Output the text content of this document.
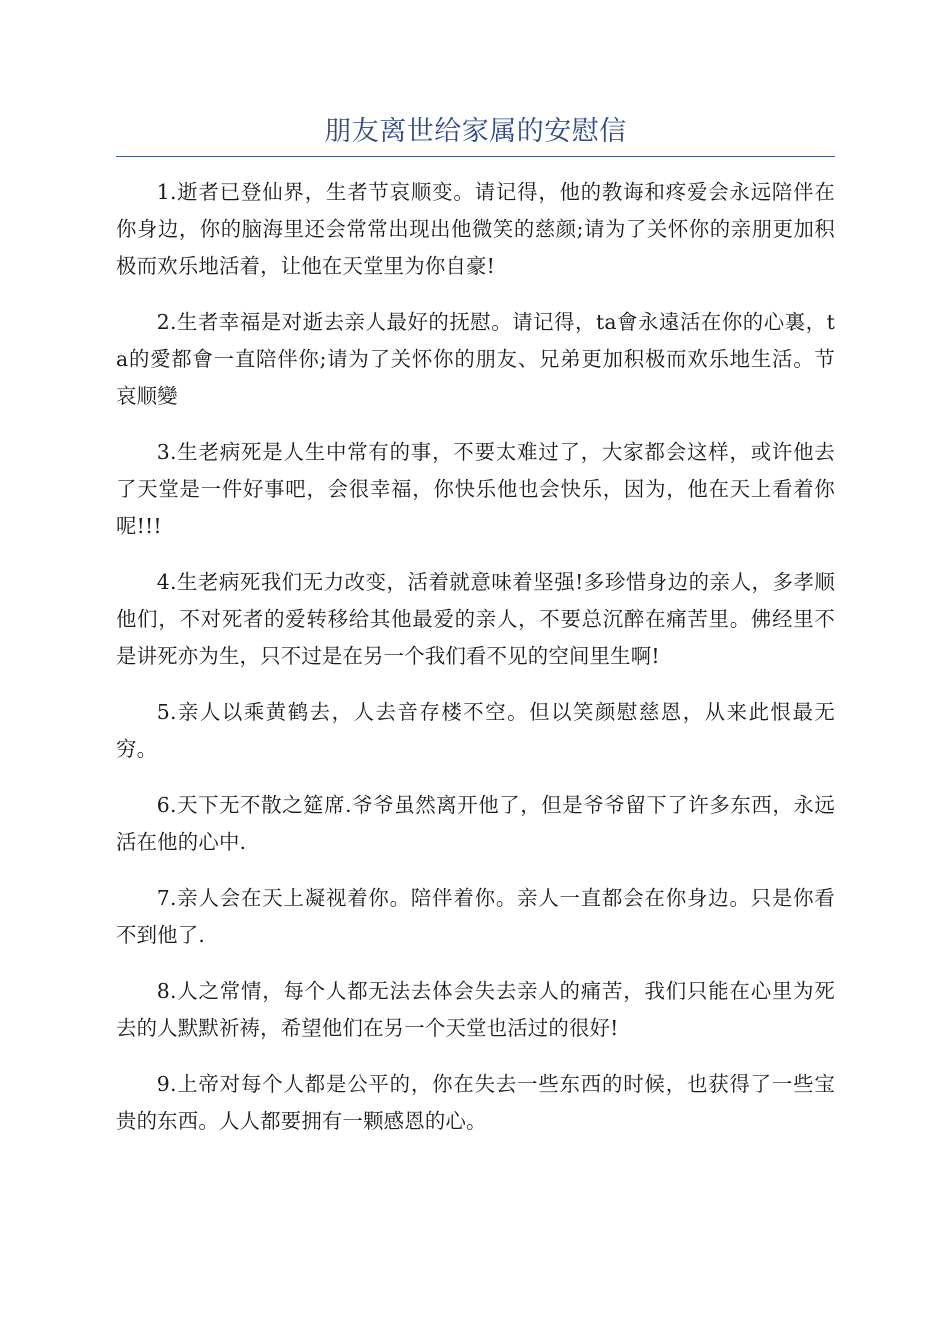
朋友离世给家属的安慰信

1.逝者已登仙界，生者节哀顺变。请记得，他的教诲和疼爱会永远陪伴在你身边，你的脑海里还会常常出现出他微笑的慈颜;请为了关怀你的亲朋更加积极而欢乐地活着，让他在天堂里为你自豪!

2.生者幸福是对逝去亲人最好的抚慰。请记得，ta會永遠活在你的心裏，ta的愛都會一直陪伴你;请为了关怀你的朋友、兄弟更加积极而欢乐地生活。节哀顺變

3.生老病死是人生中常有的事，不要太难过了，大家都会这样，或许他去了天堂是一件好事吧，会很幸福，你快乐他也会快乐，因为，他在天上看着你呢!!!

4.生老病死我们无力改变，活着就意味着坚强!多珍惜身边的亲人，多孝顺他们，不对死者的爱转移给其他最爱的亲人，不要总沉醉在痛苦里。佛经里不是讲死亦为生，只不过是在另一个我们看不见的空间里生啊!

5.亲人以乘黄鹤去，人去音存楼不空。但以笑颜慰慈恩，从来此恨最无穷。

6.天下无不散之筵席.爷爷虽然离开他了，但是爷爷留下了许多东西，永远活在他的心中.

7.亲人会在天上凝视着你。陪伴着你。亲人一直都会在你身边。只是你看不到他了.

8.人之常情，每个人都无法去体会失去亲人的痛苦，我们只能在心里为死去的人默默祈祷，希望他们在另一个天堂也活过的很好!

9.上帝对每个人都是公平的，你在失去一些东西的时候，也获得了一些宝贵的东西。人人都要拥有一颗感恩的心。
